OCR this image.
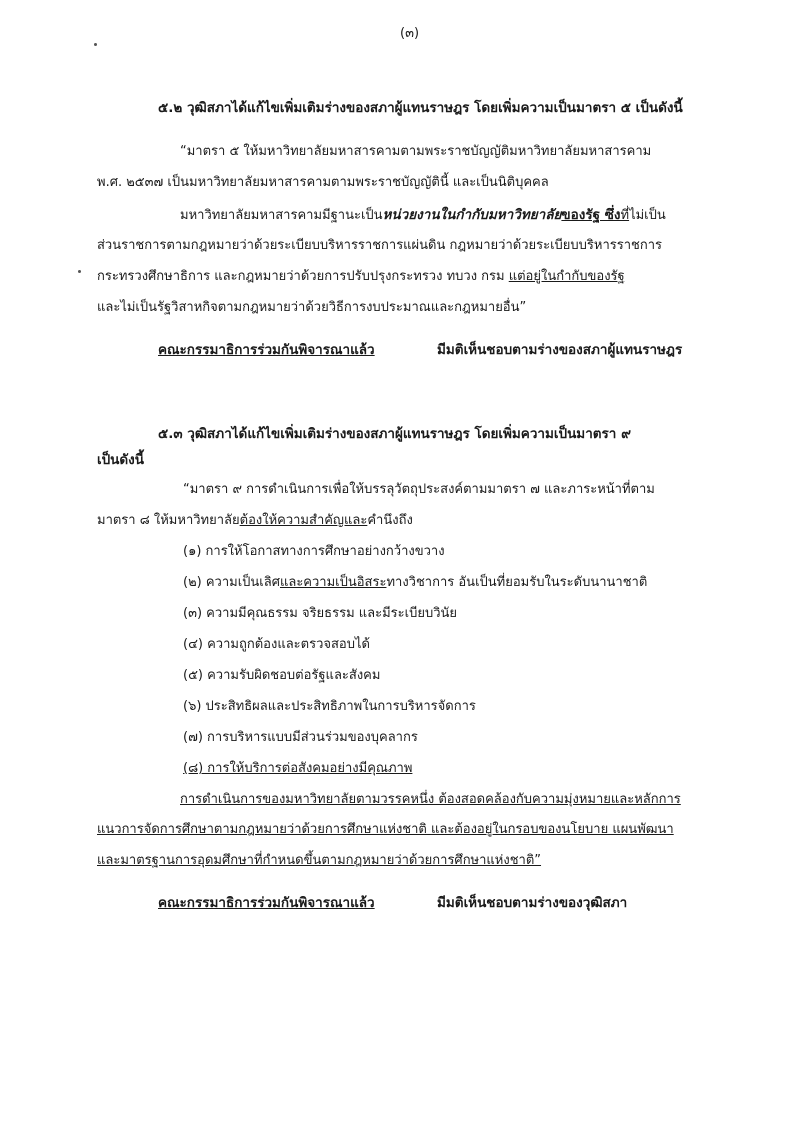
(๓)
๕.๒ วุฒิสภาได้แก้ไขเพิ่มเติมร่างของสภาผู้แทนราษฎร โดยเพิ่มความเป็นมาตรา ๕ เป็นดังนี้
“มาตรา ๕ ให้มหาวิทยาลัยมหาสารคามตามพระราชบัญญัติมหาวิทยาลัยมหาสารคาม
พ.ศ. ๒๕๓๗ เป็นมหาวิทยาลัยมหาสารคามตามพระราชบัญญัตินี้ และเป็นนิติบุคคล
มหาวิทยาลัยมหาสารคามมีฐานะเป็นหน่วยงานในกำกับมหาวิทยาลัยของรัฐ ซึ่งที่ไม่เป็น
ส่วนราชการตามกฎหมายว่าด้วยระเบียบบริหารราชการแผ่นดิน กฎหมายว่าด้วยระเบียบบริหารราชการ
กระทรวงศึกษาธิการ และกฎหมายว่าด้วยการปรับปรุงกระทรวง ทบวง กรม แต่อยู่ในกำกับของรัฐ
และไม่เป็นรัฐวิสาหกิจตามกฎหมายว่าด้วยวิธีการงบประมาณและกฎหมายอื่น”
คณะกรรมาธิการร่วมกันพิจารณาแล้ว	มีมติเห็นชอบตามร่างของสภาผู้แทนราษฎร
๕.๓ วุฒิสภาได้แก้ไขเพิ่มเติมร่างของสภาผู้แทนราษฎร โดยเพิ่มความเป็นมาตรา ๙
เป็นดังนี้
“มาตรา ๙ การดำเนินการเพื่อให้บรรลุวัตถุประสงค์ตามมาตรา ๗ และภาระหน้าที่ตาม
มาตรา ๘ ให้มหาวิทยาลัยต้องให้ความสำคัญและคำนึงถึง
(๑) การให้โอกาสทางการศึกษาอย่างกว้างขวาง
(๒) ความเป็นเลิศและความเป็นอิสระทางวิชาการ อันเป็นที่ยอมรับในระดับนานาชาติ
(๓) ความมีคุณธรรม จริยธรรม และมีระเบียบวินัย
(๔) ความถูกต้องและตรวจสอบได้
(๕) ความรับผิดชอบต่อรัฐและสังคม
(๖) ประสิทธิผลและประสิทธิภาพในการบริหารจัดการ
(๗) การบริหารแบบมีส่วนร่วมของบุคลากร
(๘) การให้บริการต่อสังคมอย่างมีคุณภาพ
การดำเนินการของมหาวิทยาลัยตามวรรคหนึ่ง ต้องสอดคล้องกับความมุ่งหมายและหลักการ
แนวการจัดการศึกษาตามกฎหมายว่าด้วยการศึกษาแห่งชาติ และต้องอยู่ในกรอบของนโยบาย แผนพัฒนา
และมาตรฐานการอุดมศึกษาที่กำหนดขึ้นตามกฎหมายว่าด้วยการศึกษาแห่งชาติ”
คณะกรรมาธิการร่วมกันพิจารณาแล้ว	มีมติเห็นชอบตามร่างของวุฒิสภา
